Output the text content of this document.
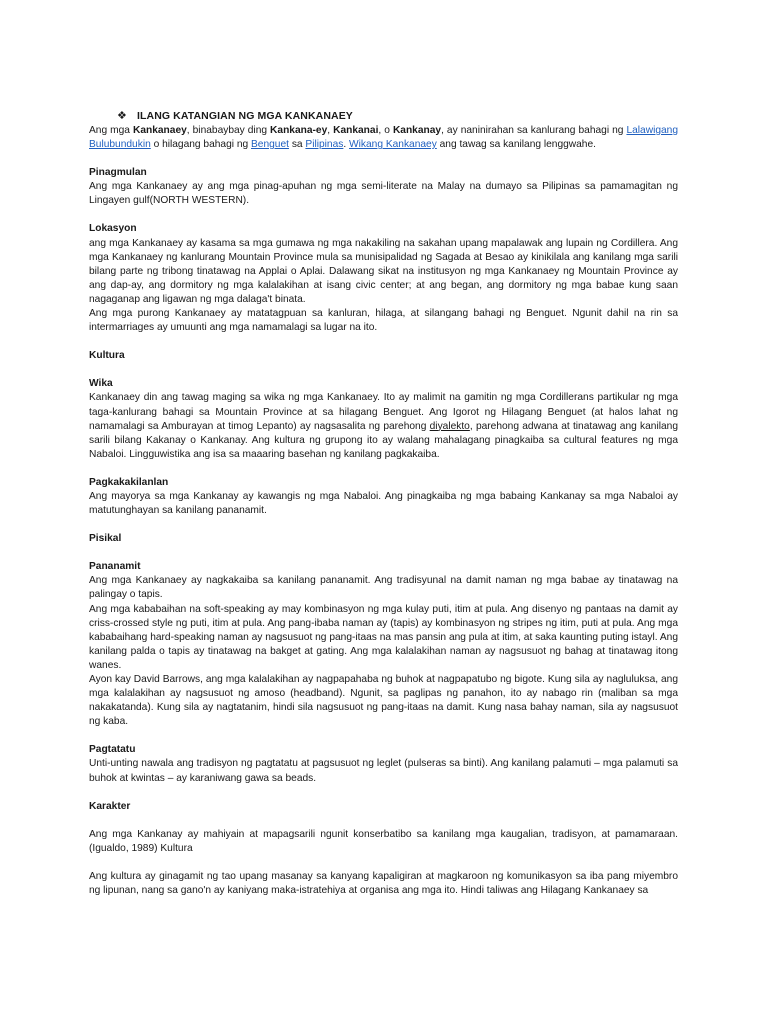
❖ ILANG KATANGIAN NG MGA KANKANAEY

Ang mga Kankanaey, binabaybay ding Kankana-ey, Kankanai, o Kankanay, ay naninirahan sa kanlurang bahagi ng Lalawigang Bulubundukin o hilagang bahagi ng Benguet sa Pilipinas. Wikang Kankanaey ang tawag sa kanilang lenggwahe.

Pinagmulan

Ang mga Kankanaey ay ang mga pinag-apuhan ng mga semi-literate na Malay na dumayo sa Pilipinas sa pamamagitan ng Lingayen gulf(NORTH WESTERN).

Lokasyon

ang mga Kankanaey ay kasama sa mga gumawa ng mga nakakiling na sakahan upang mapalawak ang lupain ng Cordillera. Ang mga Kankanaey ng kanlurang Mountain Province mula sa munisipalidad ng Sagada at Besao ay kinikilala ang kanilang mga sarili bilang parte ng tribong tinatawag na Applai o Aplai. Dalawang sikat na institusyon ng mga Kankanaey ng Mountain Province ay ang dap-ay, ang dormitory ng mga kalalakihan at isang civic center; at ang began, ang dormitory ng mga babae kung saan nagaganap ang ligawan ng mga dalaga't binata.

Ang mga purong Kankanaey ay matatagpuan sa kanluran, hilaga, at silangang bahagi ng Benguet. Ngunit dahil na rin sa intermarriages ay umuunti ang mga namamalagi sa lugar na ito.

Kultura

Wika

Kankanaey din ang tawag maging sa wika ng mga Kankanaey. Ito ay malimit na gamitin ng mga Cordillerans partikular ng mga taga-kanlurang bahagi sa Mountain Province at sa hilagang Benguet. Ang Igorot ng Hilagang Benguet (at halos lahat ng namamalagi sa Amburayan at timog Lepanto) ay nagsasalita ng parehong diyalekto, parehong adwana at tinatawag ang kanilang sarili bilang Kakanay o Kankanay. Ang kultura ng grupong ito ay walang mahalagang pinagkaiba sa cultural features ng mga Nabaloi. Lingguwistika ang isa sa maaaring basehan ng kanilang pagkakaiba.

Pagkakakilanlan

Ang mayorya sa mga Kankanay ay kawangis ng mga Nabaloi. Ang pinagkaiba ng mga babaing Kankanay sa mga Nabaloi ay matutunghayan sa kanilang pananamit.

Pisikal

Pananamit

Ang mga Kankanaey ay nagkakaiba sa kanilang pananamit. Ang tradisyunal na damit naman ng mga babae ay tinatawag na palingay o tapis.

Ang mga kababaihan na soft-speaking ay may kombinasyon ng mga kulay puti, itim at pula. Ang disenyo ng pantaas na damit ay criss-crossed style ng puti, itim at pula. Ang pang-ibaba naman ay (tapis) ay kombinasyon ng stripes ng itim, puti at pula. Ang mga kababaihang hard-speaking naman ay nagsusuot ng pang-itaas na mas pansin ang pula at itim, at saka kaunting puting istayl. Ang kanilang palda o tapis ay tinatawag na bakget at gating. Ang mga kalalakihan naman ay nagsusuot ng bahag at tinatawag itong wanes.

Ayon kay David Barrows, ang mga kalalakihan ay nagpapahaba ng buhok at nagpapatubo ng bigote. Kung sila ay nagluluksa, ang mga kalalakihan ay nagsusuot ng amoso (headband). Ngunit, sa paglipas ng panahon, ito ay nabago rin (maliban sa mga nakakatanda). Kung sila ay nagtatanim, hindi sila nagsusuot ng pang-itaas na damit. Kung nasa bahay naman, sila ay nagsusuot ng kaba.

Pagtatatu

Unti-unting nawala ang tradisyon ng pagtatatu at pagsusuot ng leglet (pulseras sa binti). Ang kanilang palamuti – mga palamuti sa buhok at kwintas – ay karaniwang gawa sa beads.

Karakter

Ang mga Kankanay ay mahiyain at mapagsarili ngunit konserbatibo sa kanilang mga kaugalian, tradisyon, at pamamaraan. (Igualdo, 1989) Kultura

Ang kultura ay ginagamit ng tao upang masanay sa kanyang kapaligiran at magkaroon ng komunikasyon sa iba pang miyembro ng lipunan, nang sa gano'n ay kaniyang maka-istratehiya at organisa ang mga ito. Hindi taliwas ang Hilagang Kankanaey sa
